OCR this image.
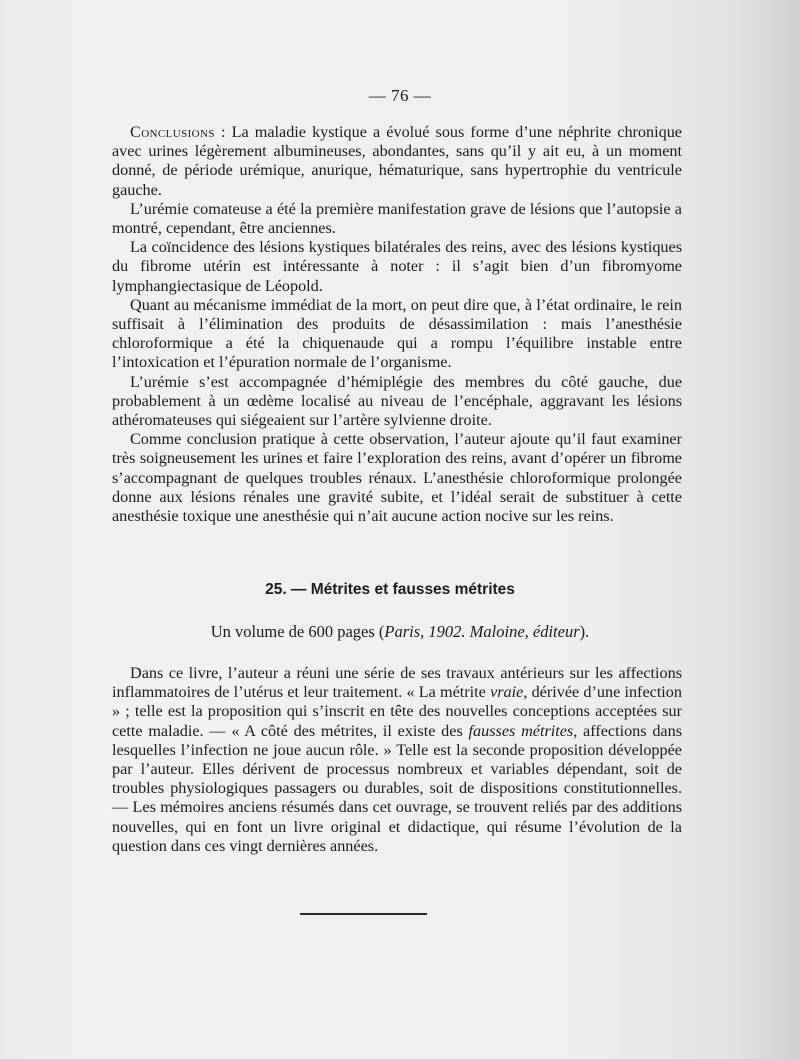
— 76 —

Conclusions : La maladie kystique a évolué sous forme d’une néphrite chronique avec urines légèrement albumineuses, abondantes, sans qu’il y ait eu, à un moment donné, de période urémique, anurique, hématurique, sans hypertrophie du ventricule gauche.

L’urémie comateuse a été la première manifestation grave de lésions que l’autopsie a montré, cependant, être anciennes.

La coïncidence des lésions kystiques bilatérales des reins, avec des lésions kystiques du fibrome utérin est intéressante à noter : il s’agit bien d’un fibromyome lymphangiectasique de Léopold.

Quant au mécanisme immédiat de la mort, on peut dire que, à l’état ordinaire, le rein suffisait à l’élimination des produits de désassimilation : mais l’anesthésie chloroformique a été la chiquenaude qui a rompu l’équilibre instable entre l’intoxication et l’épuration normale de l’organisme.

L’urémie s’est accompagnée d’hémiplégie des membres du côté gauche, due probablement à un œdème localisé au niveau de l’encéphale, aggravant les lésions athéromateuses qui siégeaient sur l’artère sylvienne droite.

Comme conclusion pratique à cette observation, l’auteur ajoute qu’il faut examiner très soigneusement les urines et faire l’exploration des reins, avant d’opérer un fibrome s’accompagnant de quelques troubles rénaux. L’anesthésie chloroformique prolongée donne aux lésions rénales une gravité subite, et l’idéal serait de substituer à cette anesthésie toxique une anesthésie qui n’ait aucune action nocive sur les reins.

25. — Métrites et fausses métrites
Un volume de 600 pages (Paris, 1902. Maloine, éditeur).

Dans ce livre, l’auteur a réuni une série de ses travaux antérieurs sur les affections inflammatoires de l’utérus et leur traitement. « La métrite vraie, dérivée d’une infection » ; telle est la proposition qui s’inscrit en tête des nouvelles conceptions acceptées sur cette maladie. — « A côté des métrites, il existe des fausses métrites, affections dans lesquelles l’infection ne joue aucun rôle. » Telle est la seconde proposition développée par l’auteur. Elles dérivent de processus nombreux et variables dépendant, soit de troubles physiologiques passagers ou durables, soit de dispositions constitutionnelles. — Les mémoires anciens résumés dans cet ouvrage, se trouvent reliés par des additions nouvelles, qui en font un livre original et didactique, qui résume l’évolution de la question dans ces vingt dernières années.
